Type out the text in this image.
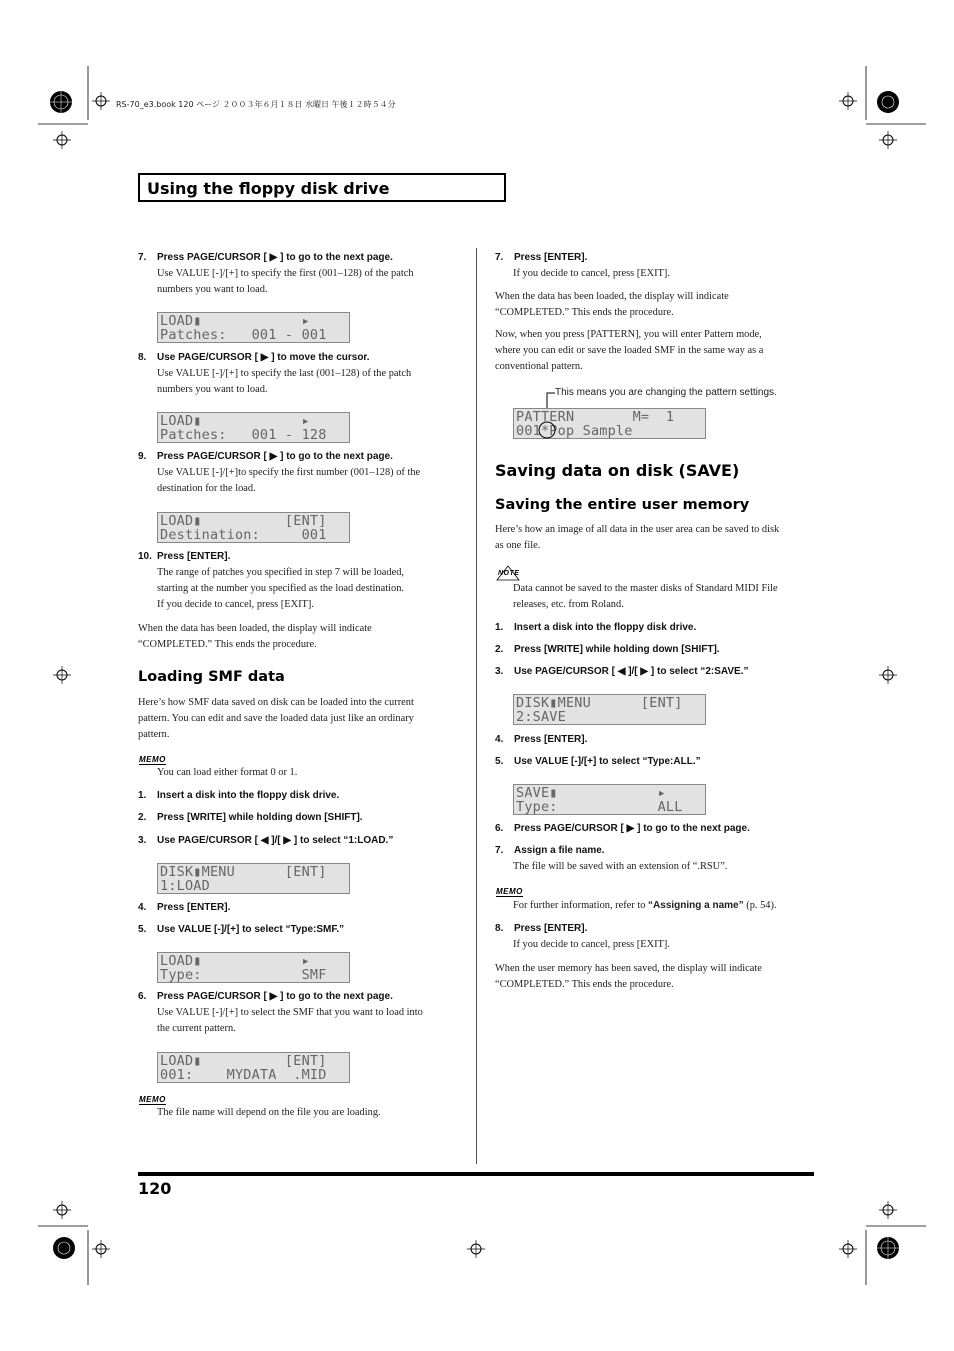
RS-70_e3.book 120 ページ ２００３年６月１８日 水曜日 午後１２時５４分
Using the floppy disk drive
7. Press PAGE/CURSOR [ ▶ ] to go to the next page.
Use VALUE [-]/[+] to specify the first (001–128) of the patch
numbers you want to load.
LOAD▮            ▸
Patches:   001 - 001
8. Use PAGE/CURSOR [ ▶ ] to move the cursor.
Use VALUE [-]/[+] to specify the last (001–128) of the patch
numbers you want to load.
LOAD▮            ▸
Patches:   001 - 128
9. Press PAGE/CURSOR [ ▶ ] to go to the next page.
Use VALUE [-]/[+]to specify the first number (001–128) of the
destination for the load.
LOAD▮          [ENT]
Destination:     001
10. Press [ENTER].
The range of patches you specified in step 7 will be loaded,
starting at the number you specified as the load destination.
If you decide to cancel, press [EXIT].
When the data has been loaded, the display will indicate
“COMPLETED.” This ends the procedure.
Loading SMF data
Here’s how SMF data saved on disk can be loaded into the current
pattern. You can edit and save the loaded data just like an ordinary
pattern.
MEMO
You can load either format 0 or 1.
1. Insert a disk into the floppy disk drive.
2. Press [WRITE] while holding down [SHIFT].
3. Use PAGE/CURSOR [ ◀ ]/[ ▶ ] to select “1:LOAD.”
DISK▮MENU      [ENT]
1:LOAD
4. Press [ENTER].
5. Use VALUE [-]/[+] to select “Type:SMF.”
LOAD▮            ▸
Type:            SMF
6. Press PAGE/CURSOR [ ▶ ] to go to the next page.
Use VALUE [-]/[+] to select the SMF that you want to load into
the current pattern.
LOAD▮          [ENT]
001:    MYDATA  .MID
MEMO
The file name will depend on the file you are loading.
7. Press [ENTER].
If you decide to cancel, press [EXIT].
When the data has been loaded, the display will indicate
“COMPLETED.” This ends the procedure.
Now, when you press [PATTERN], you will enter Pattern mode,
where you can edit or save the loaded SMF in the same way as a
conventional pattern.
This means you are changing the pattern settings.
PATTERN       M=  1
001*Pop Sample
Saving data on disk (SAVE)
Saving the entire user memory
Here’s how an image of all data in the user area can be saved to disk
as one file.
NOTE
Data cannot be saved to the master disks of Standard MIDI File
releases, etc. from Roland.
1. Insert a disk into the floppy disk drive.
2. Press [WRITE] while holding down [SHIFT].
3. Use PAGE/CURSOR [ ◀ ]/[ ▶ ] to select “2:SAVE.”
DISK▮MENU      [ENT]
2:SAVE
4. Press [ENTER].
5. Use VALUE [-]/[+] to select “Type:ALL.”
SAVE▮            ▸
Type:            ALL
6. Press PAGE/CURSOR [ ▶ ] to go to the next page.
7. Assign a file name.
The file will be saved with an extension of “.RSU”.
MEMO
For further information, refer to “Assigning a name” (p. 54).
8. Press [ENTER].
If you decide to cancel, press [EXIT].
When the user memory has been saved, the display will indicate
“COMPLETED.” This ends the procedure.
120
